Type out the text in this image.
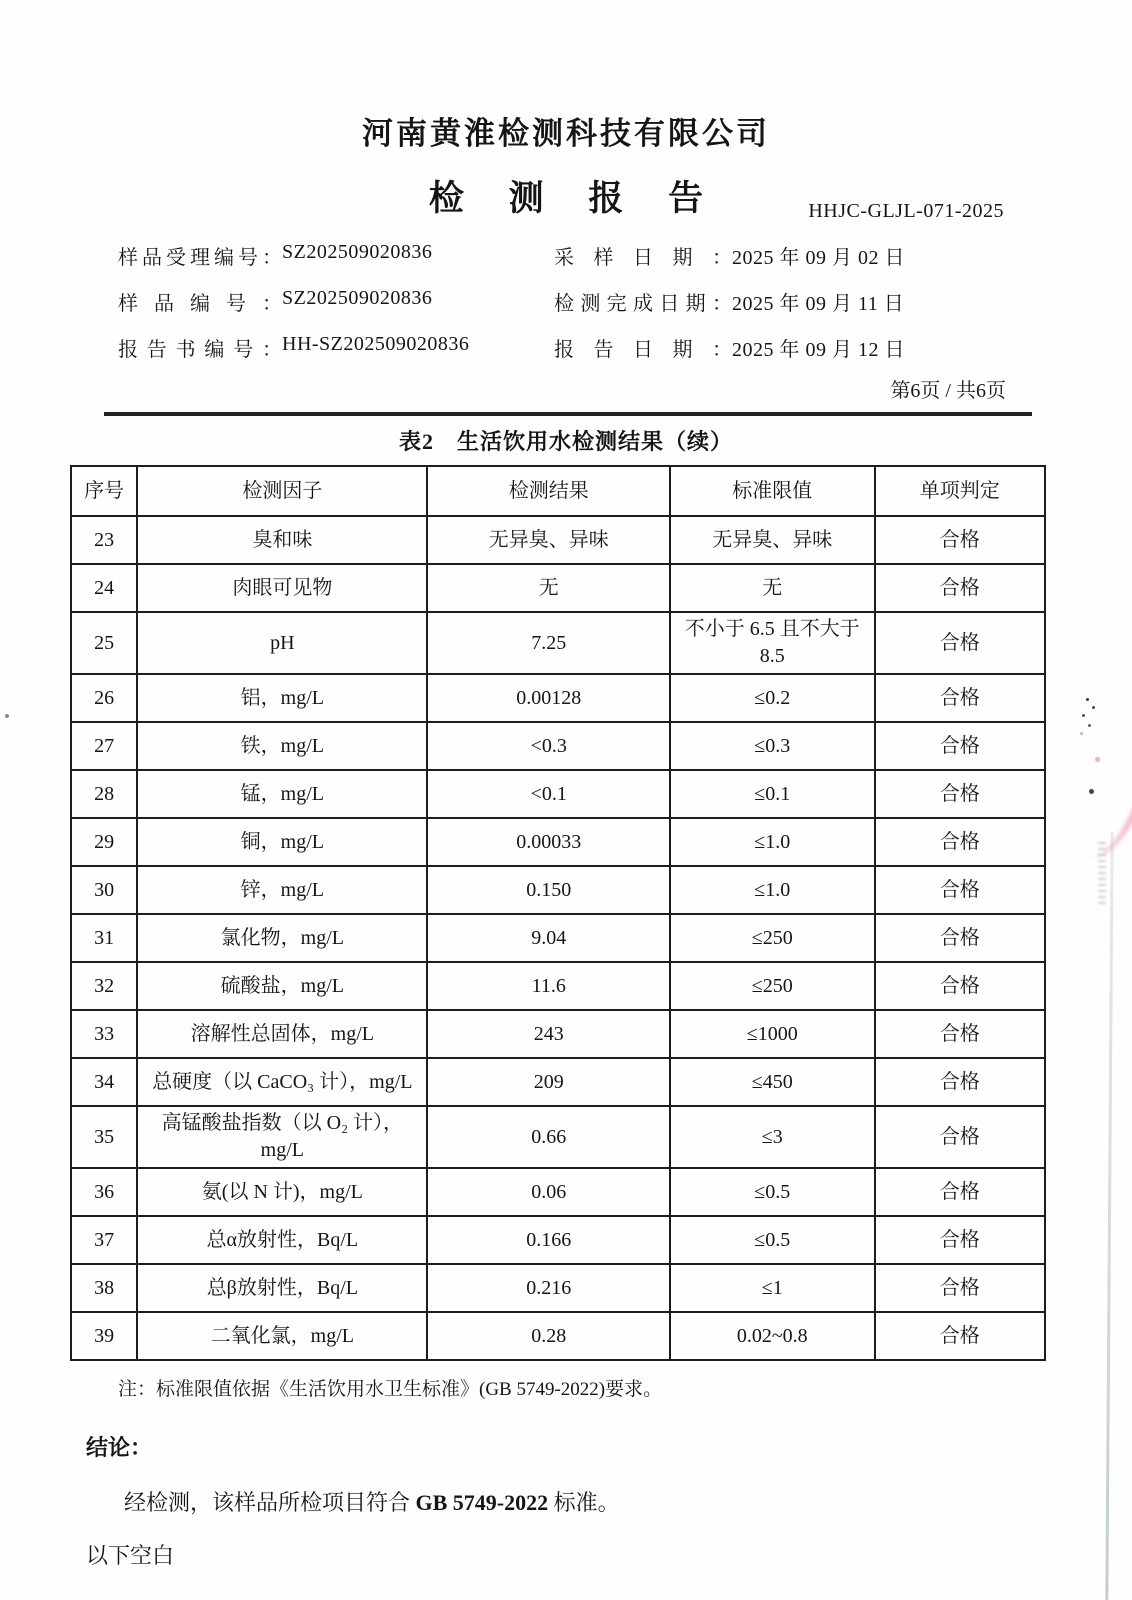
河南黄淮检测科技有限公司
检 测 报 告	HHJC-GLJL-071-2025
样品受理编号： SZ202509020836	采样日期： 2025 年 09 月 02 日
样品编号： SZ202509020836	检测完成日期： 2025 年 09 月 11 日
报告书编号： HH-SZ202509020836	报告日期： 2025 年 09 月 12 日
第6页 / 共6页
表2　生活饮用水检测结果（续）
序号	检测因子	检测结果	标准限值	单项判定
23	臭和味	无异臭、异味	无异臭、异味	合格
24	肉眼可见物	无	无	合格
25	pH	7.25	不小于 6.5 且不大于 8.5	合格
26	铝，mg/L	0.00128	≤0.2	合格
27	铁，mg/L	<0.3	≤0.3	合格
28	锰，mg/L	<0.1	≤0.1	合格
29	铜，mg/L	0.00033	≤1.0	合格
30	锌，mg/L	0.150	≤1.0	合格
31	氯化物，mg/L	9.04	≤250	合格
32	硫酸盐，mg/L	11.6	≤250	合格
33	溶解性总固体，mg/L	243	≤1000	合格
34	总硬度（以 CaCO₃ 计），mg/L	209	≤450	合格
35	高锰酸盐指数（以 O₂ 计），mg/L	0.66	≤3	合格
36	氨(以 N 计)，mg/L	0.06	≤0.5	合格
37	总α放射性，Bq/L	0.166	≤0.5	合格
38	总β放射性，Bq/L	0.216	≤1	合格
39	二氧化氯，mg/L	0.28	0.02~0.8	合格
注：标准限值依据《生活饮用水卫生标准》(GB 5749-2022)要求。
结论：
经检测，该样品所检项目符合 GB 5749-2022 标准。
以下空白
